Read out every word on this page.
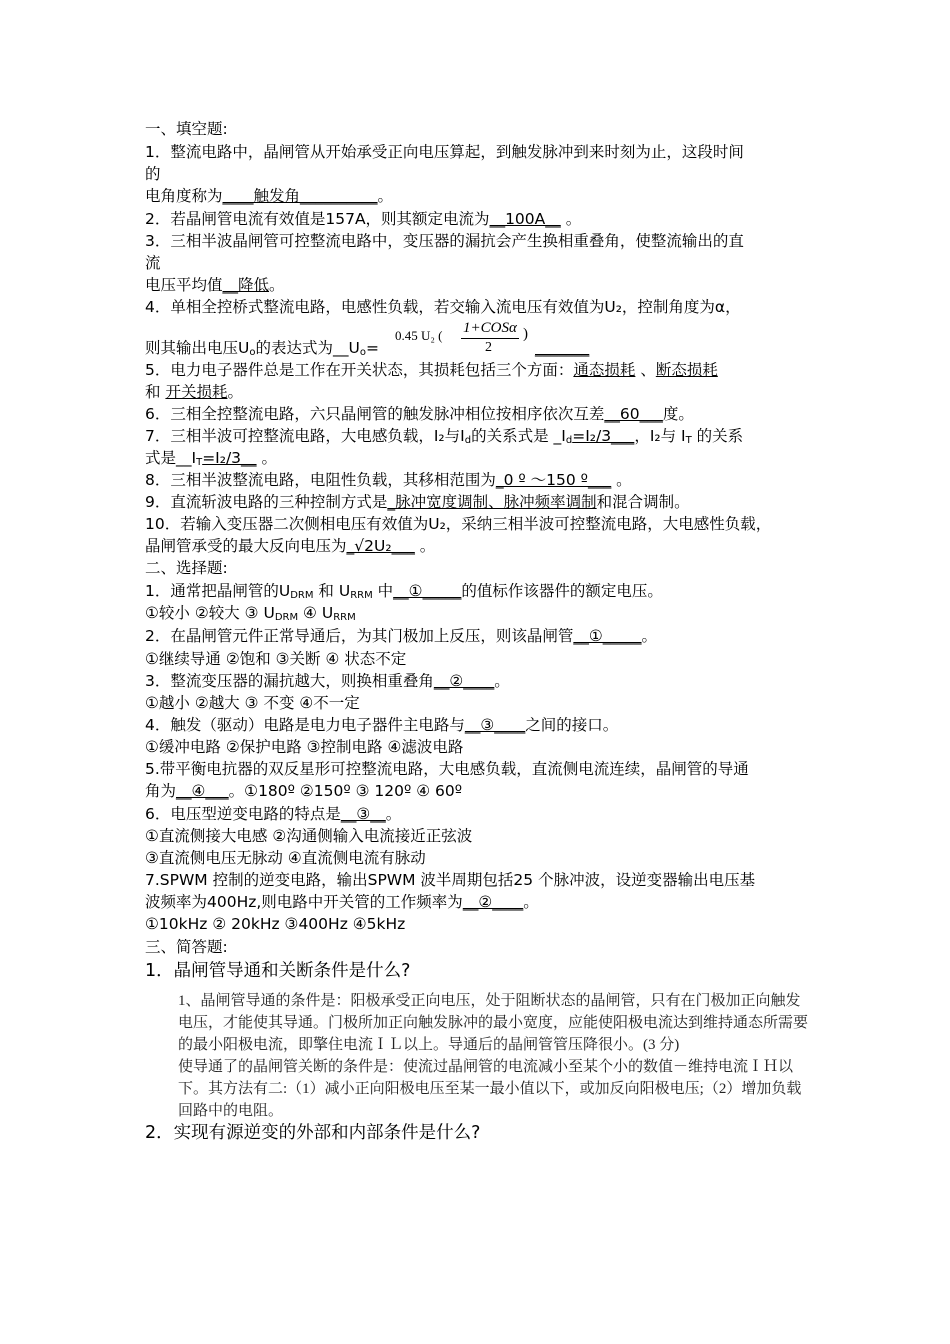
一、填空题:
1．整流电路中，晶闸管从开始承受正向电压算起，到触发脉冲到来时刻为止，这段时间
的
电角度称为____触发角__________。
2．若晶闸管电流有效值是157A，则其额定电流为__100A__ 。
3．三相半波晶闸管可控整流电路中，变压器的漏抗会产生换相重叠角，使整流输出的直
流
电压平均值__降低。
4．单相全控桥式整流电路，电感性负载，若交输入流电压有效值为U₂，控制角度为α，
则其输出电压$U_o$的表达式为$\_\_U_o=$
0.45 U₂ ( 1+COSα
2
)
_______
5．电力电子器件总是工作在开关状态，其损耗包括三个方面：通态损耗 、断态损耗
和 开关损耗。
6．三相全控整流电路，六只晶闸管的触发脉冲相位按相序依次互差__60___度。
7．三相半波可控整流电路，大电感负载，I₂与$I_d$的关系式是 $\_I_d=I_2/3\_\_\_$，I₂与 $I_T$ 的关系
式是$\_\_I_T=I_2/3\_\_$ 。
8．三相半波整流电路，电阻性负载，其移相范围为_0 º ～150 º___ 。
9．直流斩波电路的三种控制方式是_脉冲宽度调制、脉冲频率调制和混合调制。
10．若输入变压器二次侧相电压有效值为U₂，采纳三相半波可控整流电路，大电感性负载，
晶闸管承受的最大反向电压为_√2U₂___ 。
二、选择题:
1．通常把晶闸管的$U_{DRM}$ 和 $U_{RRM}$ 中__①_____的值标作该器件的额定电压。
①较小 ②较大 ③ $U_{DRM}$ ④ $U_{RRM}$
2．在晶闸管元件正常导通后，为其门极加上反压，则该晶闸管__①_____。
①继续导通 ②饱和 ③关断 ④ 状态不定
3．整流变压器的漏抗越大，则换相重叠角__②____。
①越小 ②越大 ③ 不变 ④不一定
4．触发（驱动）电路是电力电子器件主电路与__③____之间的接口。
①缓冲电路 ②保护电路 ③控制电路 ④滤波电路
5.带平衡电抗器的双反星形可控整流电路，大电感负载，直流侧电流连续，晶闸管的导通
角为__④___。①180º ②150º ③ 120º ④ 60º
6．电压型逆变电路的特点是__③__。
①直流侧接大电感 ②沟通侧输入电流接近正弦波
③直流侧电压无脉动 ④直流侧电流有脉动
7.SPWM 控制的逆变电路，输出SPWM 波半周期包括25 个脉冲波，设逆变器输出电压基
波频率为400Hz,则电路中开关管的工作频率为__②____。
①10kHz ② 20kHz ③400Hz ④5kHz
三、简答题:
1．晶闸管导通和关断条件是什么?
1、晶闸管导通的条件是：阳极承受正向电压，处于阻断状态的晶闸管，只有在门极加正向触发
电压，才能使其导通。门极所加正向触发脉冲的最小宽度，应能使阳极电流达到维持通态所需要
的最小阳极电流，即擎住电流ＩＬ以上。导通后的晶闸管管压降很小。(3 分)
使导通了的晶闸管关断的条件是：使流过晶闸管的电流减小至某个小的数值－维持电流ＩＨ以
下。其方法有二:（1）减小正向阳极电压至某一最小值以下，或加反向阳极电压;（2）增加负载
回路中的电阻。
2．实现有源逆变的外部和内部条件是什么?
